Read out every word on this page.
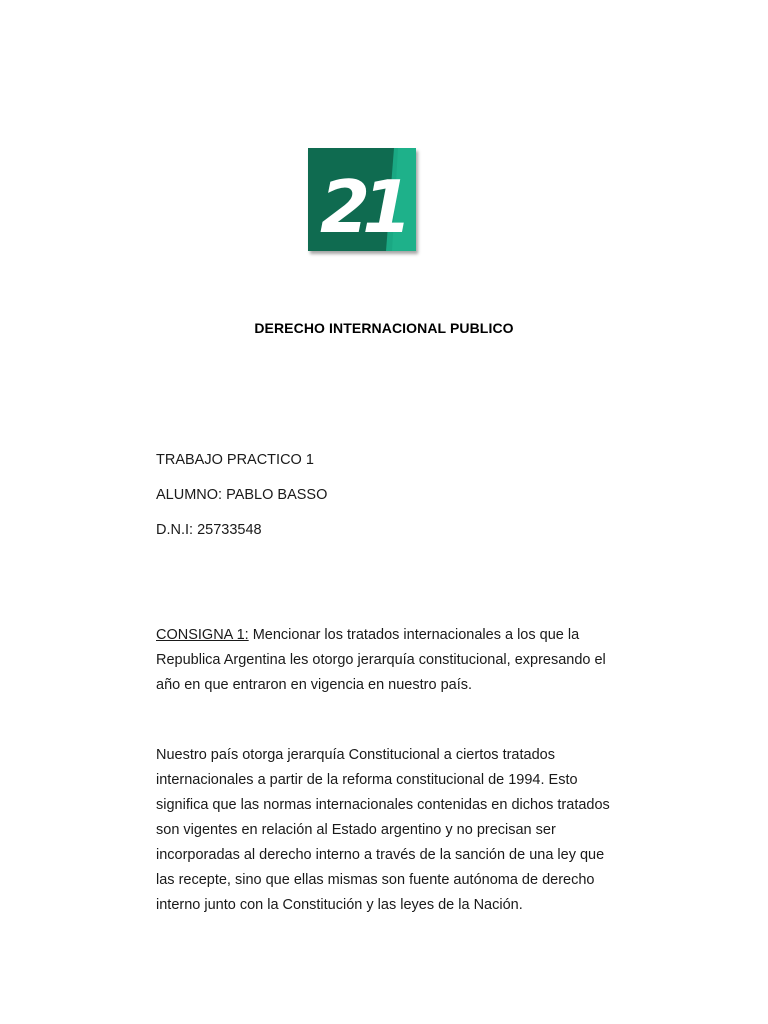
21
DERECHO INTERNACIONAL PUBLICO
TRABAJO PRACTICO 1
ALUMNO: PABLO BASSO
D.N.I: 25733548
CONSIGNA 1: Mencionar los tratados internacionales a los que la
Republica Argentina les otorgo jerarquía constitucional, expresando el
año en que entraron en vigencia en nuestro país.
Nuestro país otorga jerarquía Constitucional a ciertos tratados
internacionales a partir de la reforma constitucional de 1994. Esto
significa que las normas internacionales contenidas en dichos tratados
son vigentes en relación al Estado argentino y no precisan ser
incorporadas al derecho interno a través de la sanción de una ley que
las recepte, sino que ellas mismas son fuente autónoma de derecho
interno junto con la Constitución y las leyes de la Nación.
